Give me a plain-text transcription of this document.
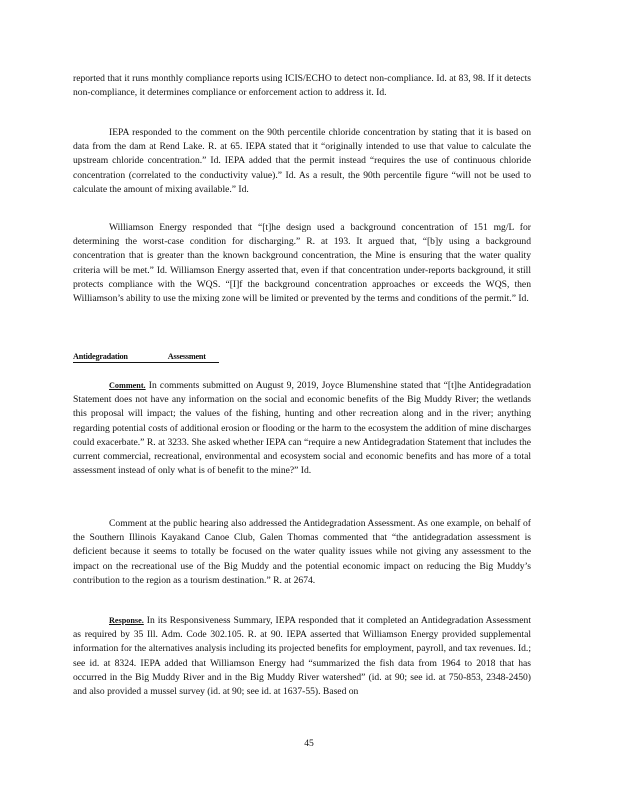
reported that it runs monthly compliance reports using ICIS/ECHO to detect non-compliance. Id. at 83, 98. If it detects non-compliance, it determines compliance or enforcement action to address it. Id.

IEPA responded to the comment on the 90th percentile chloride concentration by stating that it is based on data from the dam at Rend Lake. R. at 65. IEPA stated that it “originally intended to use that value to calculate the upstream chloride concentration.” Id. IEPA added that the permit instead “requires the use of continuous chloride concentration (correlated to the conductivity value).” Id. As a result, the 90th percentile figure “will not be used to calculate the amount of mixing available.” Id.

Williamson Energy responded that “[t]he design used a background concentration of 151 mg/L for determining the worst-case condition for discharging.” R. at 193. It argued that, “[b]y using a background concentration that is greater than the known background concentration, the Mine is ensuring that the water quality criteria will be met.” Id. Williamson Energy asserted that, even if that concentration under-reports background, it still protects compliance with the WQS. “[I]f the background concentration approaches or exceeds the WQS, then Williamson’s ability to use the mixing zone will be limited or prevented by the terms and conditions of the permit.” Id.

Antidegradation	Assessment

Comment. In comments submitted on August 9, 2019, Joyce Blumenshine stated that “[t]he Antidegradation Statement does not have any information on the social and economic benefits of the Big Muddy River; the wetlands this proposal will impact; the values of the fishing, hunting and other recreation along and in the river; anything regarding potential costs of additional erosion or flooding or the harm to the ecosystem the addition of mine discharges could exacerbate.” R. at 3233. She asked whether IEPA can “require a new Antidegradation Statement that includes the current commercial, recreational, environmental and ecosystem social and economic benefits and has more of a total assessment instead of only what is of benefit to the mine?” Id.

Comment at the public hearing also addressed the Antidegradation Assessment. As one example, on behalf of the Southern Illinois Kayakand Canoe Club, Galen Thomas commented that “the antidegradation assessment is deficient because it seems to totally be focused on the water quality issues while not giving any assessment to the impact on the recreational use of the Big Muddy and the potential economic impact on reducing the Big Muddy’s contribution to the region as a tourism destination.” R. at 2674.

Response. In its Responsiveness Summary, IEPA responded that it completed an Antidegradation Assessment as required by 35 Ill. Adm. Code 302.105. R. at 90. IEPA asserted that Williamson Energy provided supplemental information for the alternatives analysis including its projected benefits for employment, payroll, and tax revenues. Id.; see id. at 8324. IEPA added that Williamson Energy had “summarized the fish data from 1964 to 2018 that has occurred in the Big Muddy River and in the Big Muddy River watershed” (id. at 90; see id. at 750-853, 2348-2450) and also provided a mussel survey (id. at 90; see id. at 1637-55). Based on

45
